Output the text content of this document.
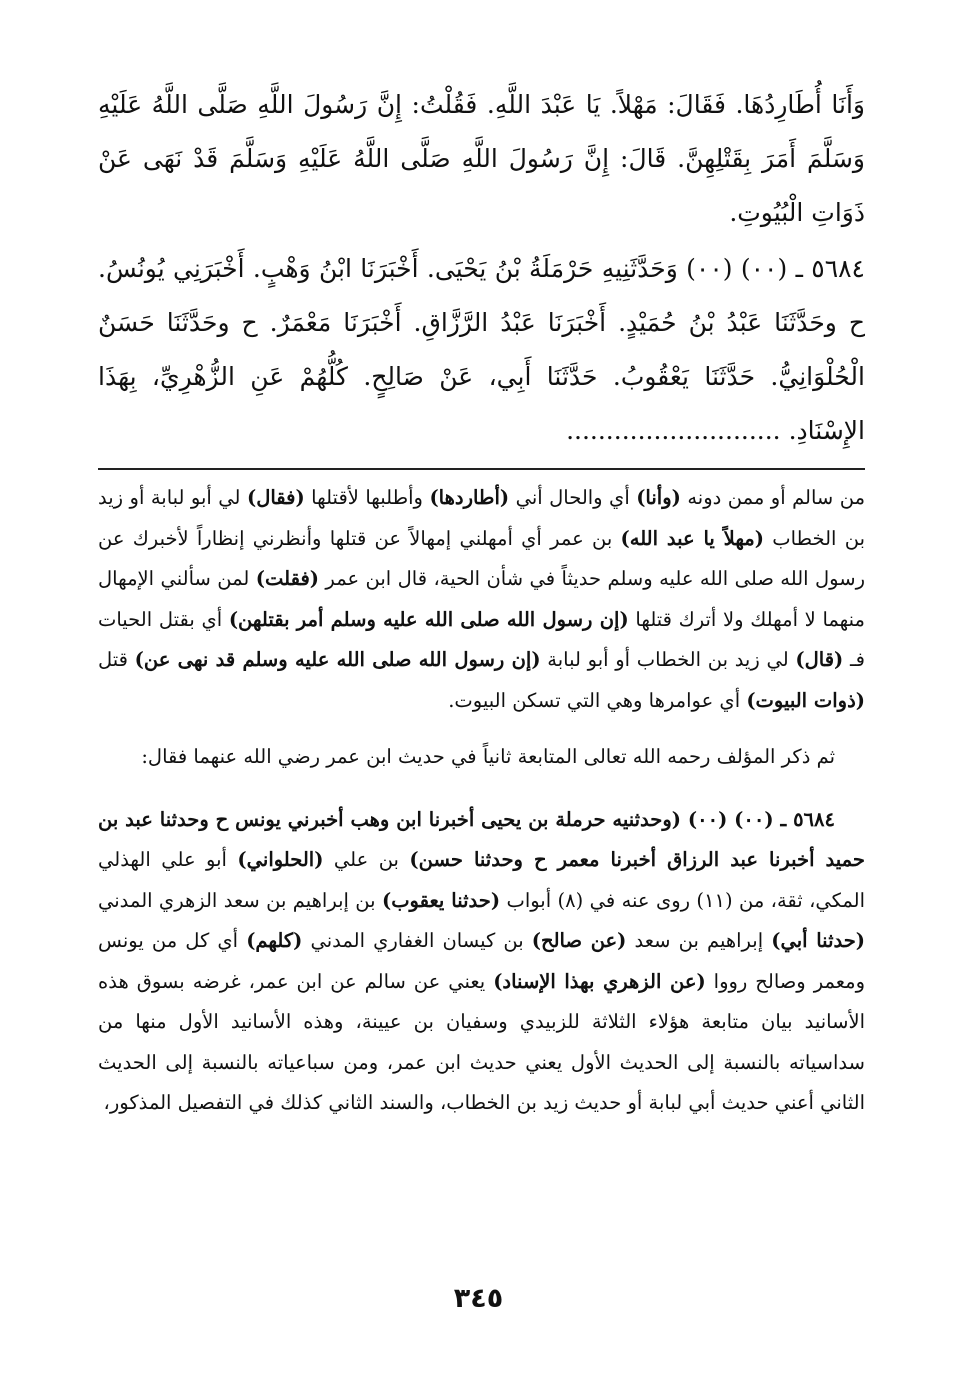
وَأَنَا أُطَارِدُهَا. فَقَالَ: مَهْلاً. يَا عَبْدَ اللَّهِ. فَقُلْتُ: إِنَّ رَسُولَ اللَّهِ صَلَّى اللَّهُ عَلَيْهِ وَسَلَّمَ أَمَرَ بِقَتْلِهِنَّ. قَالَ: إِنَّ رَسُولَ اللَّهِ صَلَّى اللَّهُ عَلَيْهِ وَسَلَّمَ قَدْ نَهَى عَنْ ذَوَاتِ الْبُيُوتِ.

٥٦٨٤ ـ (٠٠) (٠٠) وَحَدَّثَنِيهِ حَرْمَلَةُ بْنُ يَحْيَى. أَخْبَرَنَا ابْنُ وَهْبٍ. أَخْبَرَنِي يُونُسُ. ح وحَدَّثَنَا عَبْدُ بْنُ حُمَيْدٍ. أَخْبَرَنَا عَبْدُ الرَّزَّاقِ. أَخْبَرَنَا مَعْمَرٌ. ح وحَدَّثَنَا حَسَنٌ الْحُلْوَانِيُّ. حَدَّثَنَا يَعْقُوبُ. حَدَّثَنَا أَبِي، عَنْ صَالِحٍ. كُلُّهُمْ عَنِ الزُّهْرِيِّ، بِهَذَا الإِسْنَادِ. ...........................

من سالم أو ممن دونه (وأنا) أي والحال أني (أطاردها) وأطلبها لأقتلها (فقال) لي أبو لبابة أو زيد بن الخطاب (مهلاً يا عبد الله) بن عمر أي أمهلني إمهالاً عن قتلها وأنظرني إنظاراً لأخبرك عن رسول الله صلى الله عليه وسلم حديثاً في شأن الحية، قال ابن عمر (فقلت) لمن سألني الإمهال منهما لا أمهلك ولا أترك قتلها (إن رسول الله صلى الله عليه وسلم أمر بقتلهن) أي بقتل الحيات فـ (قال) لي زيد بن الخطاب أو أبو لبابة (إن رسول الله صلى الله عليه وسلم قد نهى عن) قتل (ذوات البيوت) أي عوامرها وهي التي تسكن البيوت.

ثم ذكر المؤلف رحمه الله تعالى المتابعة ثانياً في حديث ابن عمر رضي الله عنهما فقال:

٥٦٨٤ ـ (٠٠) (٠٠) (وحدثنيه حرملة بن يحيى أخبرنا ابن وهب أخبرني يونس ح وحدثنا عبد بن حميد أخبرنا عبد الرزاق أخبرنا معمر ح وحدثنا حسن) بن علي (الحلواني) أبو علي الهذلي المكي، ثقة، من (١١) روى عنه في (٨) أبواب (حدثنا يعقوب) بن إبراهيم بن سعد الزهري المدني (حدثنا أبي) إبراهيم بن سعد (عن صالح) بن كيسان الغفاري المدني (كلهم) أي كل من يونس ومعمر وصالح رووا (عن الزهري بهذا الإسناد) يعني عن سالم عن ابن عمر، غرضه بسوق هذه الأسانيد بيان متابعة هؤلاء الثلاثة للزبيدي وسفيان بن عيينة، وهذه الأسانيد الأول منها من سداسياته بالنسبة إلى الحديث الأول يعني حديث ابن عمر، ومن سباعياته بالنسبة إلى الحديث الثاني أعني حديث أبي لبابة أو حديث زيد بن الخطاب، والسند الثاني كذلك في التفصيل المذكور،

٣٤٥
